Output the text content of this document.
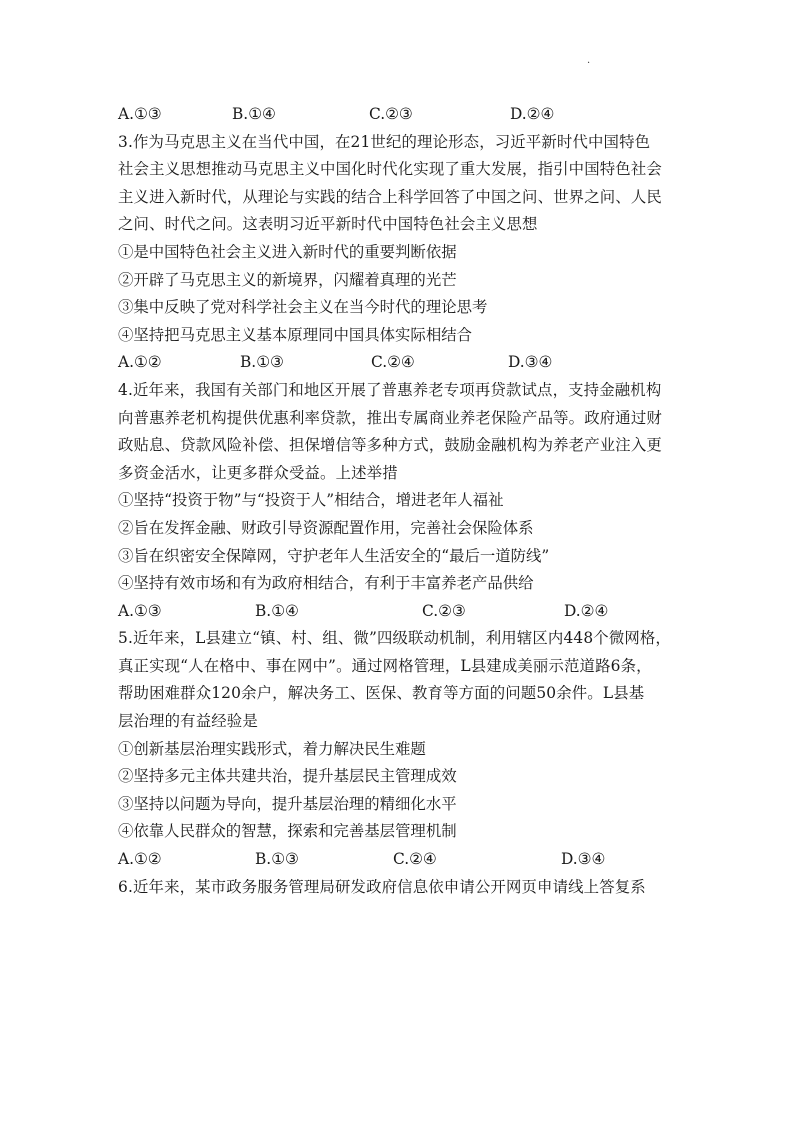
·
A.①③	B.①④	C.②③	D.②④
3.作为马克思主义在当代中国，在21世纪的理论形态，习近平新时代中国特色
社会主义思想推动马克思主义中国化时代化实现了重大发展，指引中国特色社会
主义进入新时代，从理论与实践的结合上科学回答了中国之问、世界之问、人民
之问、时代之问。这表明习近平新时代中国特色社会主义思想
①是中国特色社会主义进入新时代的重要判断依据
②开辟了马克思主义的新境界，闪耀着真理的光芒
③集中反映了党对科学社会主义在当今时代的理论思考
④坚持把马克思主义基本原理同中国具体实际相结合
A.①②	B.①③	C.②④	D.③④
4.近年来，我国有关部门和地区开展了普惠养老专项再贷款试点，支持金融机构
向普惠养老机构提供优惠利率贷款，推出专属商业养老保险产品等。政府通过财
政贴息、贷款风险补偿、担保增信等多种方式，鼓励金融机构为养老产业注入更
多资金活水，让更多群众受益。上述举措
①坚持“投资于物”与“投资于人”相结合，增进老年人福祉
②旨在发挥金融、财政引导资源配置作用，完善社会保险体系
③旨在织密安全保障网，守护老年人生活安全的“最后一道防线”
④坚持有效市场和有为政府相结合，有利于丰富养老产品供给
A.①③	B.①④	C.②③	D.②④
5.近年来，L县建立“镇、村、组、微”四级联动机制，利用辖区内448个微网格，
真正实现“人在格中、事在网中”。通过网格管理，L县建成美丽示范道路6条，
帮助困难群众120余户，解决务工、医保、教育等方面的问题50余件。L县基
层治理的有益经验是
①创新基层治理实践形式，着力解决民生难题
②坚持多元主体共建共治，提升基层民主管理成效
③坚持以问题为导向，提升基层治理的精细化水平
④依靠人民群众的智慧，探索和完善基层管理机制
A.①②	B.①③	C.②④	D.③④
6.近年来，某市政务服务管理局研发政府信息依申请公开网页申请线上答复系
